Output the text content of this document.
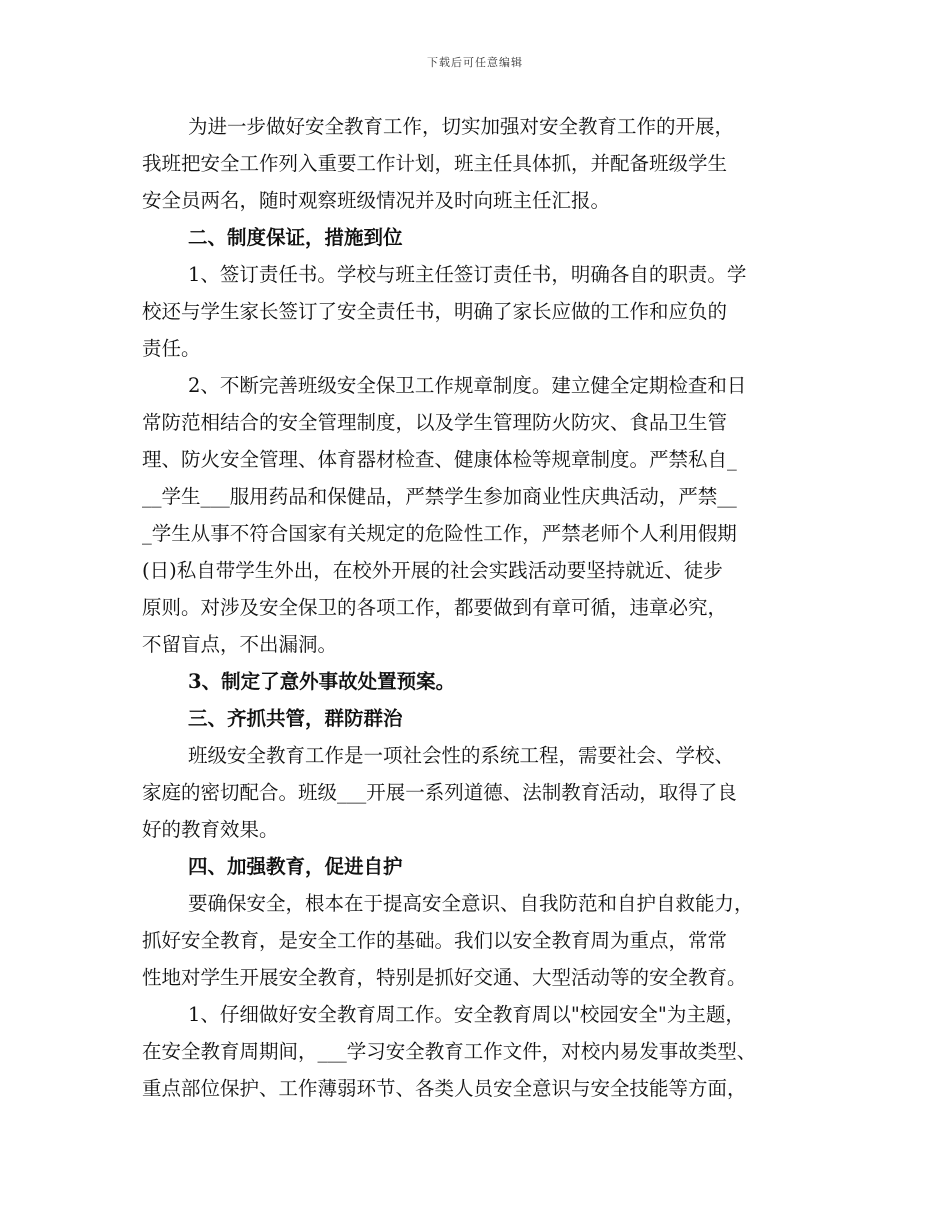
下载后可任意编辑
为进一步做好安全教育工作，切实加强对安全教育工作的开展，
我班把安全工作列入重要工作计划，班主任具体抓，并配备班级学生
安全员两名，随时观察班级情况并及时向班主任汇报。
二、制度保证，措施到位
1、签订责任书。学校与班主任签订责任书，明确各自的职责。学
校还与学生家长签订了安全责任书，明确了家长应做的工作和应负的
责任。
2、不断完善班级安全保卫工作规章制度。建立健全定期检查和日
常防范相结合的安全管理制度，以及学生管理防火防灾、食品卫生管
理、防火安全管理、体育器材检查、健康体检等规章制度。严禁私自_
__学生___服用药品和保健品，严禁学生参加商业性庆典活动，严禁__
_学生从事不符合国家有关规定的危险性工作，严禁老师个人利用假期
(日)私自带学生外出，在校外开展的社会实践活动要坚持就近、徒步
原则。对涉及安全保卫的各项工作，都要做到有章可循，违章必究，
不留盲点，不出漏洞。
3、制定了意外事故处置预案。
三、齐抓共管，群防群治
班级安全教育工作是一项社会性的系统工程，需要社会、学校、
家庭的密切配合。班级___开展一系列道德、法制教育活动，取得了良
好的教育效果。
四、加强教育，促进自护
要确保安全，根本在于提高安全意识、自我防范和自护自救能力，
抓好安全教育，是安全工作的基础。我们以安全教育周为重点，常常
性地对学生开展安全教育，特别是抓好交通、大型活动等的安全教育。
1、仔细做好安全教育周工作。安全教育周以"校园安全"为主题，
在安全教育周期间，___学习安全教育工作文件，对校内易发事故类型、
重点部位保护、工作薄弱环节、各类人员安全意识与安全技能等方面，
